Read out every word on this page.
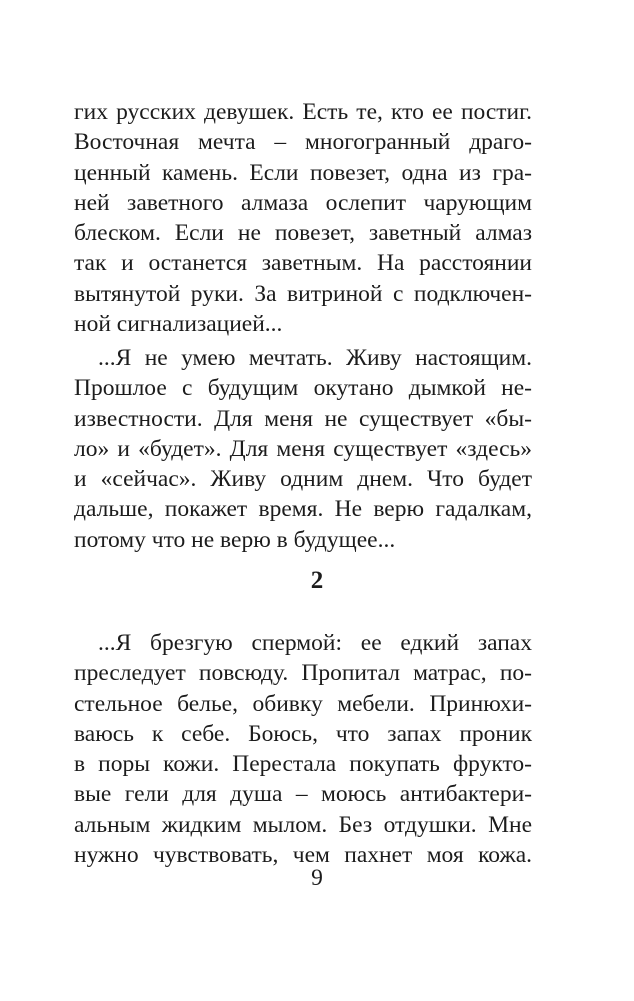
гих русских девушек. Есть те, кто ее постиг.
Восточная мечта – многогранный драго-
ценный камень. Если повезет, одна из гра-
ней заветного алмаза ослепит чарующим
блеском. Если не повезет, заветный алмаз
так и останется заветным. На расстоянии
вытянутой руки. За витриной с подключен-
ной сигнализацией...
...Я не умею мечтать. Живу настоящим.
Прошлое с будущим окутано дымкой не-
известности. Для меня не существует «бы-
ло» и «будет». Для меня существует «здесь»
и «сейчас». Живу одним днем. Что будет
дальше, покажет время. Не верю гадалкам,
потому что не верю в будущее...
2
...Я брезгую спермой: ее едкий запах
преследует повсюду. Пропитал матрас, по-
стельное белье, обивку мебели. Принюхи-
ваюсь к себе. Боюсь, что запах проник
в поры кожи. Перестала покупать фрукто-
вые гели для душа – моюсь антибактери-
альным жидким мылом. Без отдушки. Мне
нужно чувствовать, чем пахнет моя кожа.
9
